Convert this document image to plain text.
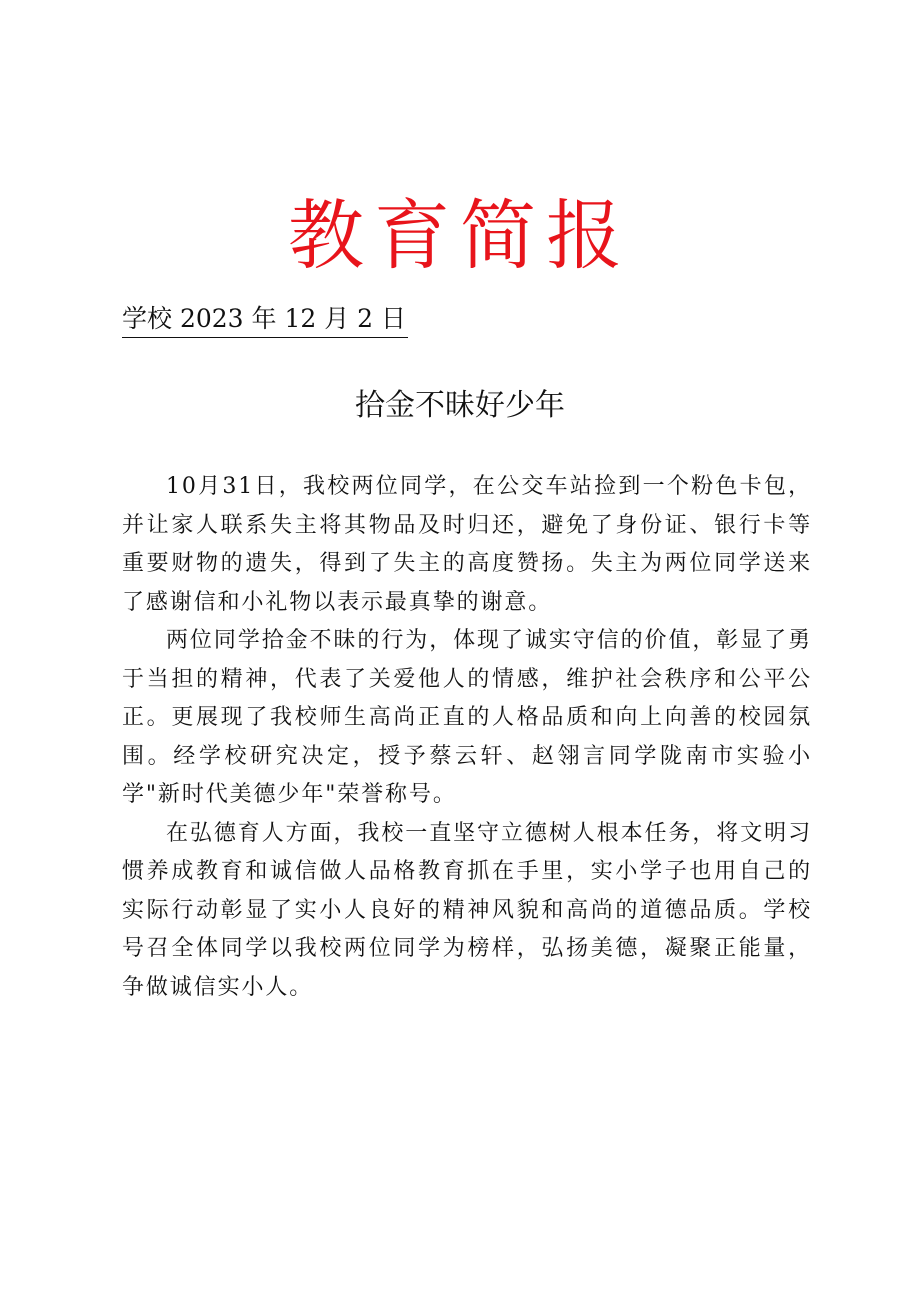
教育简报
学校 2023 年 12 月 2 日
拾金不昧好少年

10月31日，我校两位同学，在公交车站捡到一个粉色卡包，并让家人联系失主将其物品及时归还，避免了身份证、银行卡等重要财物的遗失，得到了失主的高度赞扬。失主为两位同学送来了感谢信和小礼物以表示最真挚的谢意。

两位同学拾金不昧的行为，体现了诚实守信的价值，彰显了勇于当担的精神，代表了关爱他人的情感，维护社会秩序和公平公正。更展现了我校师生高尚正直的人格品质和向上向善的校园氛围。经学校研究决定，授予蔡云轩、赵翎言同学陇南市实验小学"新时代美德少年"荣誉称号。

在弘德育人方面，我校一直坚守立德树人根本任务，将文明习惯养成教育和诚信做人品格教育抓在手里，实小学子也用自己的实际行动彰显了实小人良好的精神风貌和高尚的道德品质。学校号召全体同学以我校两位同学为榜样，弘扬美德，凝聚正能量，争做诚信实小人。
